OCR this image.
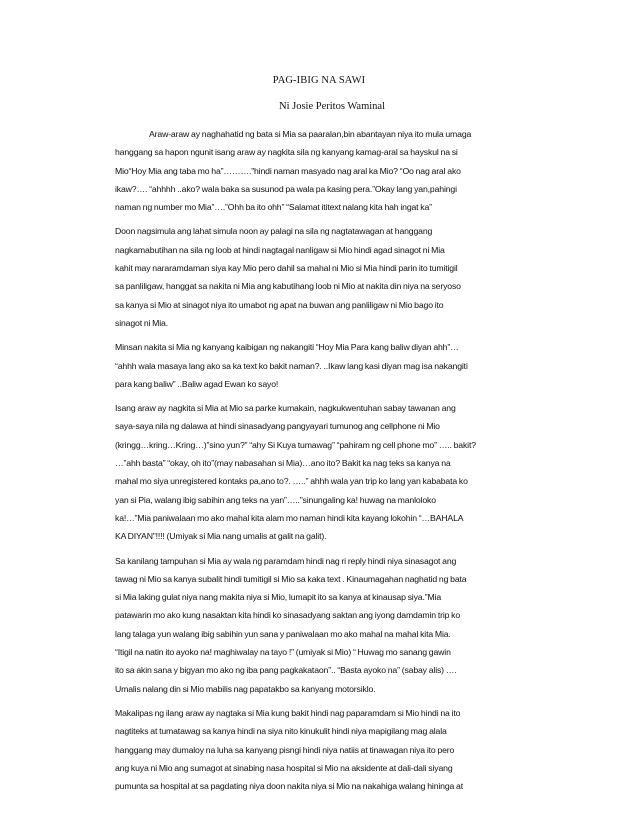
PAG-IBIG NA SAWI
Ni Josie Peritos Waminal
Araw-araw ay naghahatid ng bata si Mia sa paaralan,bin abantayan niya ito mula umaga
hanggang sa hapon ngunit isang araw ay nagkita sila ng kanyang kamag-aral sa hayskul na si
Mio“Hoy Mia ang taba mo ha”……….”hindi naman masyado nag aral ka Mio? “Oo nag aral ako
ikaw?…. “ahhhh ..ako? wala baka sa susunod pa wala pa kasing pera.”Okay lang yan,pahingi
naman ng number mo Mia”….”Ohh ba ito ohh” “Salamat ititext nalang kita hah ingat ka”
Doon nagsimula ang lahat simula noon ay palagi na sila ng nagtatawagan at hanggang
nagkamabutihan na sila ng loob at hindi nagtagal nanligaw si Mio hindi agad sinagot ni Mia
kahit may nararamdaman siya kay Mio pero dahil sa mahal ni Mio si Mia hindi parin ito tumitigil
sa panliligaw, hanggat sa nakita ni Mia ang kabutihang loob ni Mio at nakita din niya na seryoso
sa kanya si Mio at sinagot niya ito umabot ng apat na buwan ang panliligaw ni Mio bago ito
sinagot ni Mia.
Minsan nakita si Mia ng kanyang kaibigan ng nakangiti “Hoy Mia Para kang baliw diyan ahh”…
“ahhh wala masaya lang ako sa ka text ko bakit naman?. ..Ikaw lang kasi diyan mag isa nakangiti
para kang baliw” ..Baliw agad Ewan ko sayo!
Isang araw ay nagkita si Mia at Mio sa parke kumakain, nagkukwentuhan sabay tawanan ang
saya-saya nila ng dalawa at hindi sinasadyang pangyayari tumunog ang cellphone ni Mio
(kringg…kring…Kring…)”sino yun?” “ahy Si Kuya tumawag” “pahiram ng cell phone mo” ….. bakit?
…”ahh basta” “okay, oh ito”(may nabasahan si Mia)…ano ito? Bakit ka nag teks sa kanya na
mahal mo siya unregistered kontaks pa,ano to?. …..” ahhh wala yan trip ko lang yan kababata ko
yan si Pia, walang ibig sabihin ang teks na yan”…..”sinungaling ka! huwag na manloloko
ka!…”Mia paniwalaan mo ako mahal kita alam mo naman hindi kita kayang lokohin “…BAHALA
KA DIYAN”!!!! (Umiyak si Mia nang umalis at galit na galit).
Sa kanilang tampuhan si Mia ay wala ng paramdam hindi nag ri reply hindi niya sinasagot ang
tawag ni Mio sa kanya subalit hindi tumitigil si Mio sa kaka text . Kinaumagahan naghatid ng bata
si Mia laking gulat niya nang makita niya si Mio, lumapit ito sa kanya at kinausap siya.”Mia
patawarin mo ako kung nasaktan kita hindi ko sinasadyang saktan ang iyong damdamin trip ko
lang talaga yun walang ibig sabihin yun sana y paniwalaan mo ako mahal na mahal kita Mia.
“Itigil na natin ito ayoko na! maghiwalay na tayo !” (umiyak si Mio) “ Huwag mo sanang gawin
ito sa akin sana y bigyan mo ako ng iba pang pagkakataon”.. “Basta ayoko na” (sabay alis) ….
Umalis nalang din si Mio mabilis nag papatakbo sa kanyang motorsiklo.
Makalipas ng ilang araw ay nagtaka si Mia kung bakit hindi nag paparamdam si Mio hindi na ito
nagtiteks at tumatawag sa kanya hindi na siya nito kinukulit hindi niya mapigilang mag alala
hanggang may dumaloy na luha sa kanyang pisngi hindi niya natiis at tinawagan niya ito pero
ang kuya ni Mio ang sumagot at sinabing nasa hospital si Mio na aksidente at dali-dali siyang
pumunta sa hospital at sa pagdating niya doon nakita niya si Mio na nakahiga walang hininga at
